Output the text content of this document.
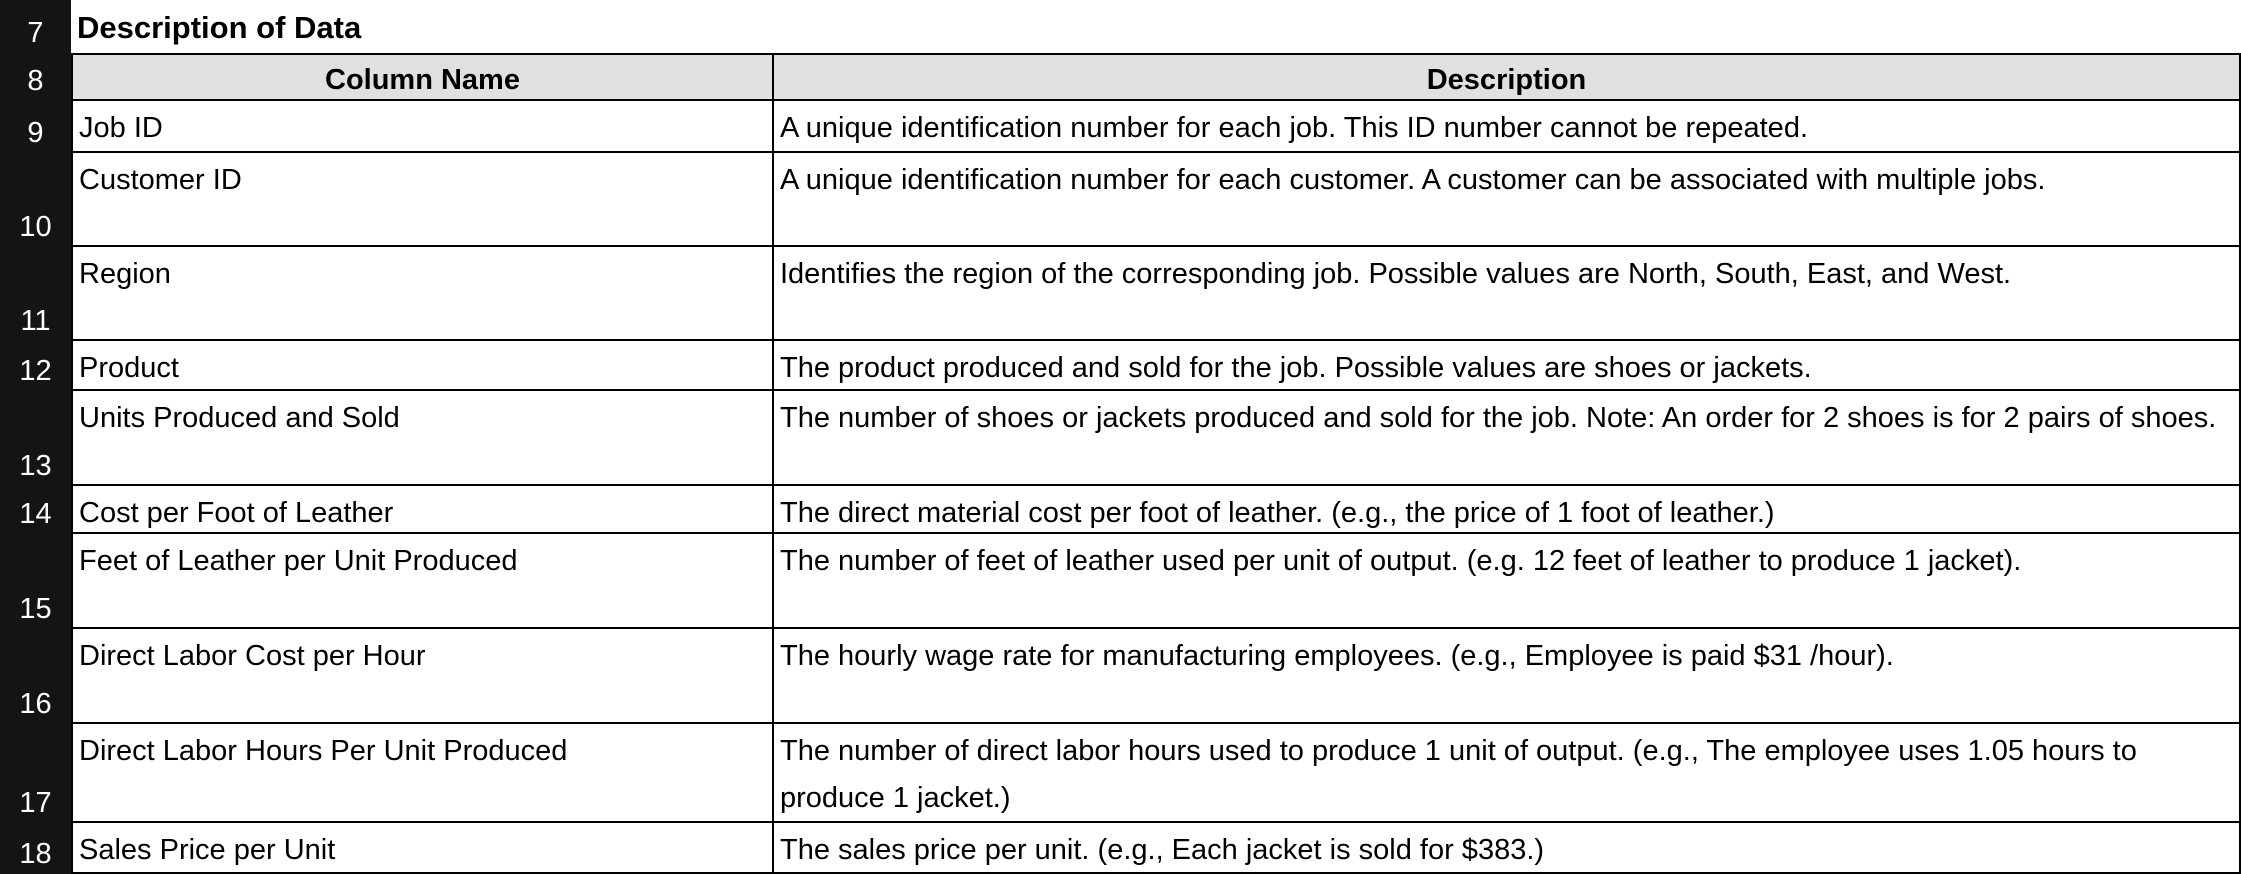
7	Description of Data
8	Column Name	Description
9	Job ID	A unique identification number for each job. This ID number cannot be repeated.
10
Customer ID	A unique identification number for each customer. A customer can be associated with multiple jobs.
11
Region	Identifies the region of the corresponding job. Possible values are North, South, East, and West.
12 Product	The product produced and sold for the job. Possible values are shoes or jackets.
13
Units Produced and Sold	The number of shoes or jackets produced and sold for the job. Note: An order for 2 shoes is for 2 pairs of shoes.
14 Cost per Foot of Leather	The direct material cost per foot of leather. (e.g., the price of 1 foot of leather.)
15
Feet of Leather per Unit Produced	The number of feet of leather used per unit of output. (e.g. 12 feet of leather to produce 1 jacket).
16
Direct Labor Cost per Hour	The hourly wage rate for manufacturing employees. (e.g., Employee is paid $31 /hour).
17
Direct Labor Hours Per Unit Produced	The number of direct labor hours used to produce 1 unit of output. (e.g., The employee uses 1.05 hours to produce 1 jacket.)
18 Sales Price per Unit	The sales price per unit. (e.g., Each jacket is sold for $383.)
